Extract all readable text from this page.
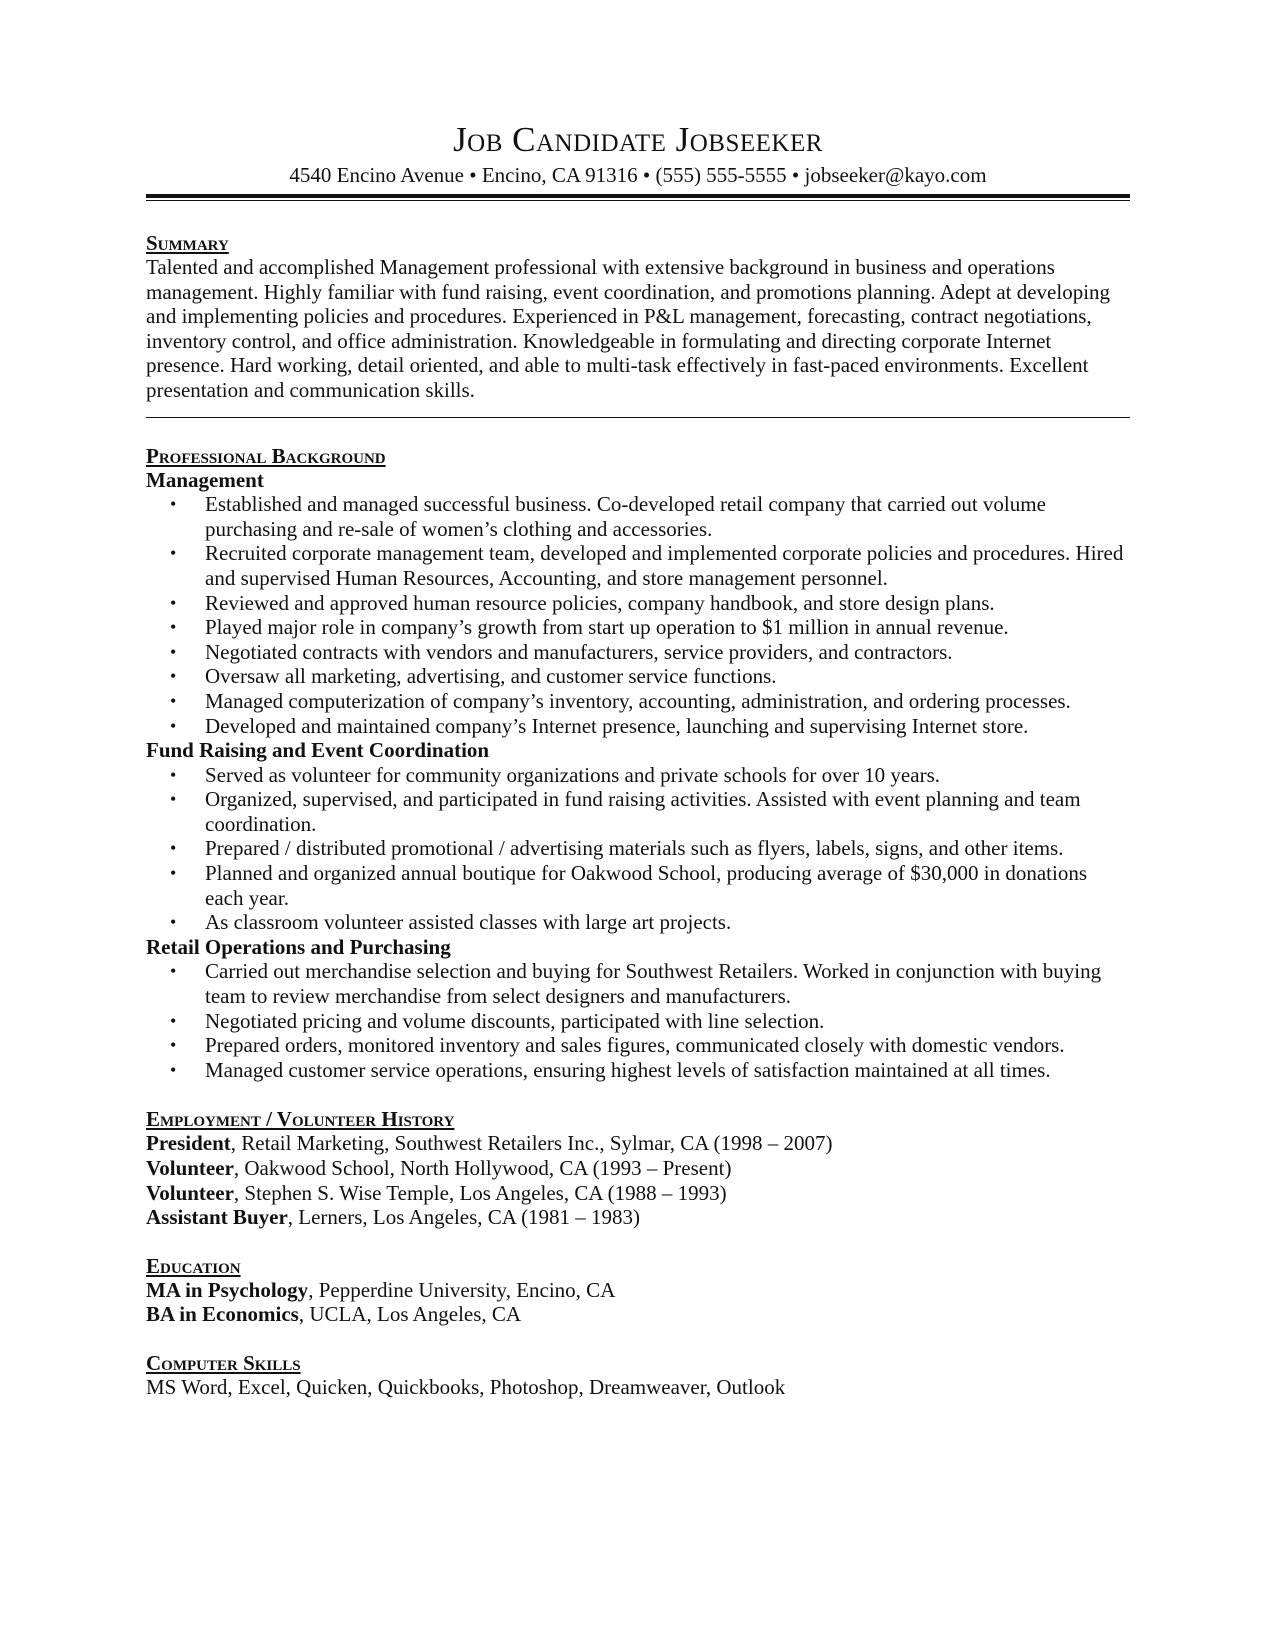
Job Candidate Jobseeker
4540 Encino Avenue • Encino, CA 91316 • (555) 555-5555 • jobseeker@kayo.com
Summary

Talented and accomplished Management professional with extensive background in business and operations management. Highly familiar with fund raising, event coordination, and promotions planning. Adept at developing and implementing policies and procedures. Experienced in P&L management, forecasting, contract negotiations, inventory control, and office administration. Knowledgeable in formulating and directing corporate Internet presence. Hard working, detail oriented, and able to multi-task effectively in fast-paced environments. Excellent presentation and communication skills.

Professional Background
Management
• Established and managed successful business. Co-developed retail company that carried out volume purchasing and re-sale of women’s clothing and accessories.
• Recruited corporate management team, developed and implemented corporate policies and procedures. Hired and supervised Human Resources, Accounting, and store management personnel.
• Reviewed and approved human resource policies, company handbook, and store design plans.
• Played major role in company’s growth from start up operation to $1 million in annual revenue.
• Negotiated contracts with vendors and manufacturers, service providers, and contractors.
• Oversaw all marketing, advertising, and customer service functions.
• Managed computerization of company’s inventory, accounting, administration, and ordering processes.
• Developed and maintained company’s Internet presence, launching and supervising Internet store.
Fund Raising and Event Coordination
• Served as volunteer for community organizations and private schools for over 10 years.
• Organized, supervised, and participated in fund raising activities. Assisted with event planning and team coordination.
• Prepared / distributed promotional / advertising materials such as flyers, labels, signs, and other items.
• Planned and organized annual boutique for Oakwood School, producing average of $30,000 in donations each year.
• As classroom volunteer assisted classes with large art projects.
Retail Operations and Purchasing
• Carried out merchandise selection and buying for Southwest Retailers. Worked in conjunction with buying team to review merchandise from select designers and manufacturers.
• Negotiated pricing and volume discounts, participated with line selection.
• Prepared orders, monitored inventory and sales figures, communicated closely with domestic vendors.
• Managed customer service operations, ensuring highest levels of satisfaction maintained at all times.
Employment / Volunteer History

President, Retail Marketing, Southwest Retailers Inc., Sylmar, CA (1998 – 2007)

Volunteer, Oakwood School, North Hollywood, CA (1993 – Present)

Volunteer, Stephen S. Wise Temple, Los Angeles, CA (1988 – 1993)

Assistant Buyer, Lerners, Los Angeles, CA (1981 – 1983)

Education

MA in Psychology, Pepperdine University, Encino, CA

BA in Economics, UCLA, Los Angeles, CA

Computer Skills

MS Word, Excel, Quicken, Quickbooks, Photoshop, Dreamweaver, Outlook
